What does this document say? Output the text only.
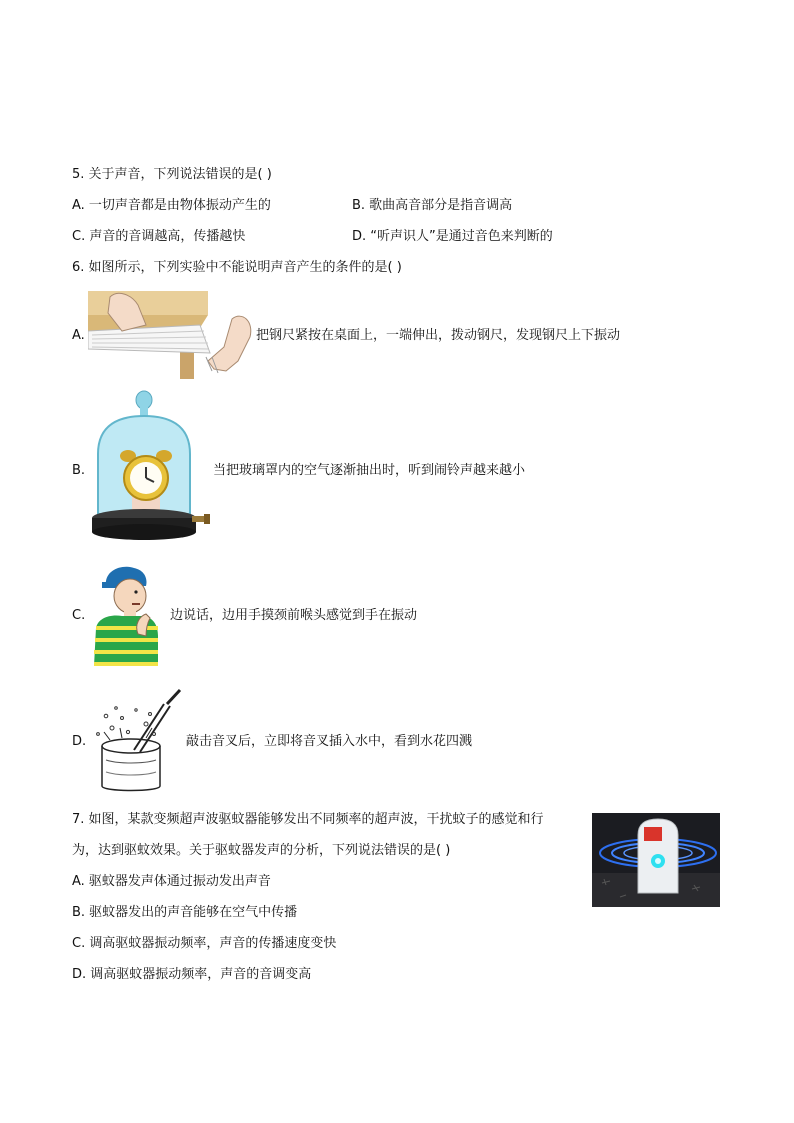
5. 关于声音，下列说法错误的是( )
A. 一切声音都是由物体振动产生的	B. 歌曲高音部分是指音调高
C. 声音的音调越高，传播越快	D. “听声识人”是通过音色来判断的
6. 如图所示，下列实验中不能说明声音产生的条件的是( )
A.	把钢尺紧按在桌面上，一端伸出，拨动钢尺，发现钢尺上下振动
B.	当把玻璃罩内的空气逐渐抽出时，听到闹铃声越来越小
C.	边说话，边用手摸颈前喉头感觉到手在振动
D.	敲击音叉后，立即将音叉插入水中，看到水花四溅
7. 如图，某款变频超声波驱蚊器能够发出不同频率的超声波，干扰蚊子的感觉和行
为，达到驱蚊效果。关于驱蚊器发声的分析，下列说法错误的是( )
A. 驱蚊器发声体通过振动发出声音
B. 驱蚊器发出的声音能够在空气中传播
C. 调高驱蚊器振动频率，声音的传播速度变快
D. 调高驱蚊器振动频率，声音的音调变高
